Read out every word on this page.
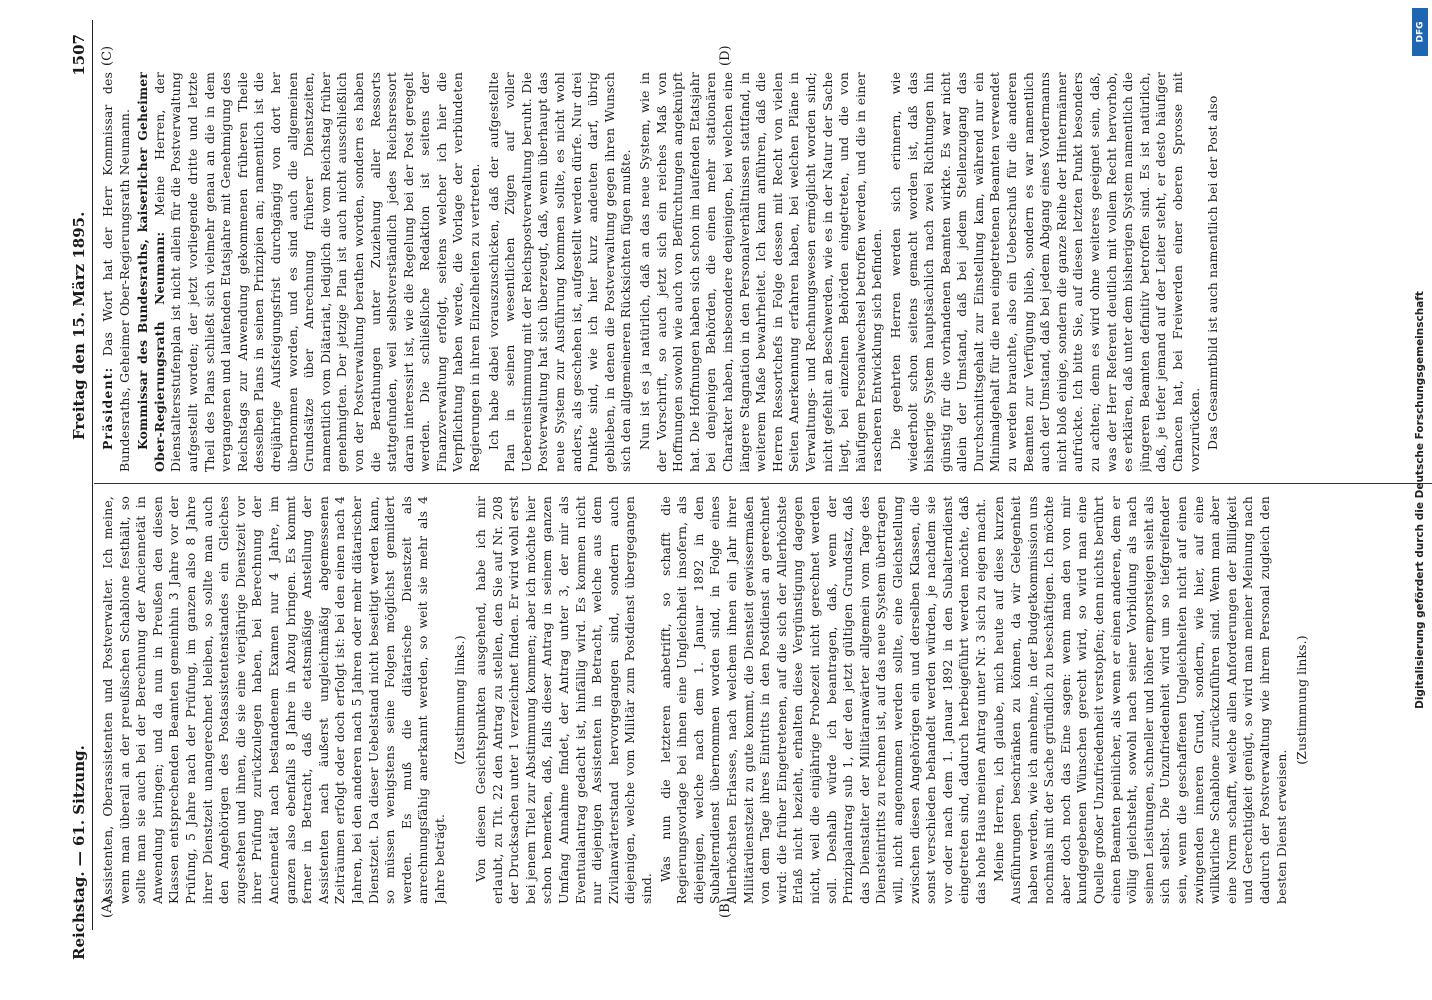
Reichstag. — 61. Sitzung.
Freitag den 15. März 1895.
1507
(A)	(B)
(C)	(D)

Assistenten, Oberassistenten und Postverwalter. Ich meine, wenn man überall an der preußischen Schablone festhält, so sollte man sie auch bei der Berechnung der Anciennetät in Anwendung bringen; und da nun in Preußen den diesen Klassen entsprechenden Beamten gemeinhin 3 Jahre vor der Prüfung, 5 Jahre nach der Prüfung, im ganzen also 8 Jahre ihrer Dienstzeit unangerechnet bleiben, so sollte man auch den Angehörigen des Postassistentenstandes ein Gleiches zugestehen und ihnen, die sie eine vierjährige Dienstzeit vor ihrer Prüfung zurückzulegen haben, bei Berechnung der Anciennetät nach bestandenem Examen nur 4 Jahre, im ganzen also ebenfalls 8 Jahre in Abzug bringen. Es kommt ferner in Betracht, daß die etatsmäßige Anstellung der Assistenten nach äußerst ungleichmäßig abgemessenen Zeiträumen erfolgt oder doch erfolgt ist: bei den einen nach 4 Jahren, bei den anderen nach 5 Jahren oder mehr diätarischer Dienstzeit. Da dieser Uebelstand nicht beseitigt werden kann, so müssen wenigstens seine Folgen möglichst gemildert werden. Es muß die diätarische Dienstzeit als anrechnungsfähig anerkannt werden, so weit sie mehr als 4 Jahre beträgt.

(Zustimmung links.) Von diesen Gesichtspunkten ausgehend, habe ich mir erlaubt, zu Tit. 22 den Antrag zu stellen, den Sie auf Nr. 208 der Drucksachen unter 1 verzeichnet finden. Er wird wohl erst bei jenem Titel zur Abstimmung kommen; aber ich möchte hier schon bemerken, daß, falls dieser Antrag in seinem ganzen Umfang Annahme findet, der Antrag unter 3, der mir als Eventualantrag gedacht ist, hinfällig wird. Es kommen nicht nur diejenigen Assistenten in Betracht, welche aus dem Zivilanwärterstand hervorgegangen sind, sondern auch diejenigen, welche vom Militär zum Postdienst übergegangen sind.

Was nun die letzteren anbetrifft, so schafft die Regierungsvorlage bei ihnen eine Ungleichheit insofern, als diejenigen, welche nach dem 1. Januar 1892 in den Subalterndienst übernommen worden sind, in Folge eines Allerhöchsten Erlasses, nach welchem ihnen ein Jahr ihrer Militärdienstzeit zu gute kommt, die Diensteit gewissermaßen von dem Tage ihres Eintritts in den Postdienst an gerechnet wird: die früher Eingetretenen, auf die sich der Allerhöchste Erlaß nicht bezieht, erhalten diese Vergünstigung dagegen nicht, weil die einjährige Probezeit nicht gerechnet werden soll. Deshalb würde ich beantragen, daß, wenn der Prinzipalantrag sub 1, der den jetzt gültigen Grundsatz, daß das Dienstalter der Militäranwärter allgemein vom Tage des Diensteintritts zu rechnen ist, auf das neue System übertragen will, nicht angenommen werden sollte, eine Gleichstellung zwischen diesen Angehörigen ein und derselben Klassen, die sonst verschieden behandelt werden würden, je nachdem sie vor oder nach dem 1. Januar 1892 in den Subalterndienst eingetreten sind, dadurch herbeigeführt werden möchte, daß das hohe Haus meinen Antrag unter Nr. 3 sich zu eigen macht. Meine Herren, ich glaube, mich heute auf diese kurzen Ausführungen beschränken zu können, da wir Gelegenheit haben werden, wie ich annehme, in der Budgetkommission uns nochmals mit der Sache gründlich zu beschäftigen. Ich möchte aber doch noch das Eine sagen: wenn man den von mir kundgegebenen Wünschen gerecht wird, so wird man eine Quelle großer Unzufriedenheit verstopfen; denn nichts berührt einen Beamten peinlicher, als wenn er einen anderen, dem er völlig gleichsteht, sowohl nach seiner Vorbildung als nach seinen Leistungen, schneller und höher emporsteigen sieht als sich selbst. Die Unzufriedenheit wird um so tiefgreifender sein, wenn die geschaffenen Ungleichheiten nicht auf einen zwingenden inneren Grund, sondern, wie hier, auf eine willkürliche Schablone zurückzuführen sind. Wenn man aber eine Norm schafft, welche allen Anforderungen der Billigkeit und Gerechtigkeit genügt, so wird man meiner Meinung nach dadurch der Postverwaltung wie ihrem Personal zugleich den besten Dienst erweisen.

(Zustimmung links.)

Präsident: Das Wort hat der Herr Kommissar des Bundesraths, Geheimer Ober-Regierungsrath Neumann. Kommissar des Bundesraths, kaiserlicher Geheimer Ober-Regierungsrath Neumann: Meine Herren, der Dienstaltersstufenplan ist nicht allein für die Postverwaltung aufgestellt worden; der jetzt vorliegende dritte und letzte Theil des Plans schließt sich vielmehr genau an die in dem vergangenen und laufenden Etatsjahre mit Genehmigung des Reichstags zur Anwendung gekommenen früheren Theile desselben Plans in seinen Prinzipien an; namentlich ist die dreijährige Aufsteigungsfrist durchgängig von dort her übernommen worden, und es sind auch die allgemeinen Grundsätze über Anrechnung früherer Dienstzeiten, namentlich vom Diätariat, lediglich die vom Reichstag früher genehmigten. Der jetzige Plan ist auch nicht ausschließlich von der Postverwaltung berathen worden, sondern es haben die Berathungen unter Zuziehung aller Ressorts stattgefunden, weil selbstverständlich jedes Reichsressort daran interessirt ist, wie die Regelung bei der Post geregelt werden. Die schließliche Redaktion ist seitens der Finanzverwaltung erfolgt, seitens welcher ich hier die Verpflichtung haben werde, die Vorlage der verbündeten Regierungen in ihren Einzelheiten zu vertreten. Ich habe dabei vorauszuschicken, daß der aufgestellte Plan in seinen wesentlichen Zügen auf voller Uebereinstimmung mit der Reichspostverwaltung beruht. Die Postverwaltung hat sich überzeugt, daß, wenn überhaupt das neue System zur Ausführung kommen sollte, es nicht wohl anders, als geschehen ist, aufgestellt werden dürfe. Nur drei Punkte sind, wie ich hier kurz andeuten darf, übrig geblieben, in denen die Postverwaltung gegen ihren Wunsch sich den allgemeineren Rücksichten fügen mußte. Nun ist es ja natürlich, daß an das neue System, wie in der Vorschrift, so auch jetzt sich ein reiches Maß von Hoffnungen sowohl wie auch von Befürchtungen angeknüpft hat. Die Hoffnungen haben sich schon im laufenden Etatsjahr bei denjenigen Behörden, die einen mehr stationären Charakter haben, insbesondere denjenigen, bei welchen eine längere Stagnation in den Personalverhältnissen stattfand, in weiterem Maße bewahrheitet. Ich kann anführen, daß die Herren Ressortchefs in Folge dessen mit Recht von vielen Seiten Anerkennung erfahren haben, bei welchen Pläne in Verwaltungs- und Rechnungswesen ermöglicht worden sind; nicht gefehlt an Beschwerden, wie es in der Natur der Sache liegt, bei einzelnen Behörden eingetreten, und die von häufigem Personalwechsel betroffen werden, und die in einer rascheren Entwicklung sich befinden. Die geehrten Herren werden sich erinnern, wie wiederholt schon seitens gemacht worden ist, daß das bisherige System hauptsächlich nach zwei Richtungen hin günstig für die vorhandenen Beamten wirkte. Es war nicht allein der Umstand, daß bei jedem Stellenzugang das Durchschnittsgehalt zur Einstellung kam, während nur ein Minimalgehalt für die neu eingetretenen Beamten verwendet zu werden brauchte, also ein Ueberschuß für die anderen Beamten zur Verfügung blieb, sondern es war namentlich auch der Umstand, daß bei jedem Abgang eines Vordermanns nicht bloß einige, sondern die ganze Reihe der Hintermänner aufrückte. Ich bitte Sie, auf diesen letzten Punkt besonders zu achten; denn es wird ohne weiteres geeignet sein, daß, was der Herr Referent deutlich mit vollem Recht hervorhob, es erklären, daß unter dem bisherigen System namentlich die jüngeren Beamten definitiv betroffen sind. Es ist natürlich, daß, je tiefer jemand auf der Leiter steht, er desto häufiger Chancen hat, bei Freiwerden einer oberen Sprosse mit vorzurücken. Das Gesammtbild ist auch namentlich bei der Post also

DFG
Digitalisierung gefördert durch die Deutsche Forschungsgemeinschaft
